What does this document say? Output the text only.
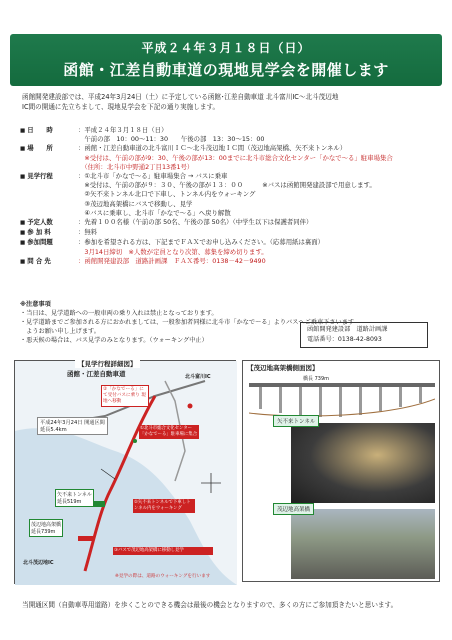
平成２４年３月１８日（日）
函館・江差自動車道の現地見学会を開催します
函館開発建設部では、平成24年3月24日（土）に予定している函館･江差自動車道 北斗富川IC～北斗茂辺地
IC間の開通に先立ちまして、現地見学会を下記の通り実施します。
■ 日　　時	：平成２４年３月１８日（日）
　午前の部　10：00～11：30　　午後の部　13：30～15：00
■ 場　　所	：函館・江差自動車道の北斗富川ＩＣ～北斗茂辺地ＩＣ間（茂辺地高架橋、矢不来トンネル）
　※受付は、午前の部が9：30、午後の部が13：00までに北斗市総合文化センター「かなで〜る」駐車場集合
　（住所：北斗市中野通2丁目13番1号）
■ 見学行程	：①北斗市「かなで〜る」駐車場集合 → バスに乗車
　※受付は、午前の部が９：３０、午後の部が１３：００　　　※バスは函館開発建設部で用意します。
　②矢不来トンネル北口で下車し、トンネル内をウォーキング
　③茂辺地高架橋にバスで移動し、見学
　④バスに乗車し、北斗市「かなで〜る」へ戻り解散
■ 予定人数	：先着１００名様（午前の部 50名、午後の部 50名）（中学生以下は保護者同伴）
■ 参 加 料	：無料
■ 参加問題	：参加を希望される方は、下記までＦＡＸでお申し込みください。（応募用紙は裏面）
　3月14日締切　※人数が定員となり次第、募集を締め切ります。
■ 問 合 先	：函館開発建設部　道路計画課　ＦＡＸ番号：0138－42－9490
※注意事項
・当日は、見学道路への一般車両の乗り入れは禁止となっております。
・見学道路までご参加される方におかれましては、一般参加者同様に北斗市「かなで〜る」よりバスへご乗車下さいます
　ようお願い申し上げます。
・悪天候の場合は、バス見学のみとなります。（ウォーキング中止）
函館開発建設部　道路計画課
電話番号：0138-42-8093
【見学行程詳細図】
函館・江差自動車道
平成24年3月24日 開通区間
延長5.4km
②「かなでーる」にて受付バスに乗り 現地へ移動
①北斗市総合文化センター「かなでーる」駐車場に集合
②矢不来トンネルで下車しトンネル内をウォーキング
③バスで茂辺地高架橋に移動し見学
矢不来トンネル
延長519m
茂辺地高架橋
延長739m
北斗茂辺地IC
北斗富川IC
※見学の際は、道路のウォーキングを行います
【茂辺地高架橋側面図】
橋長 739m
矢不来トンネル
茂辺地高架橋
当開通区間（自動車専用道路）を歩くことのできる機会は最後の機会となりますので、多くの方にご参加頂きたいと思います。
